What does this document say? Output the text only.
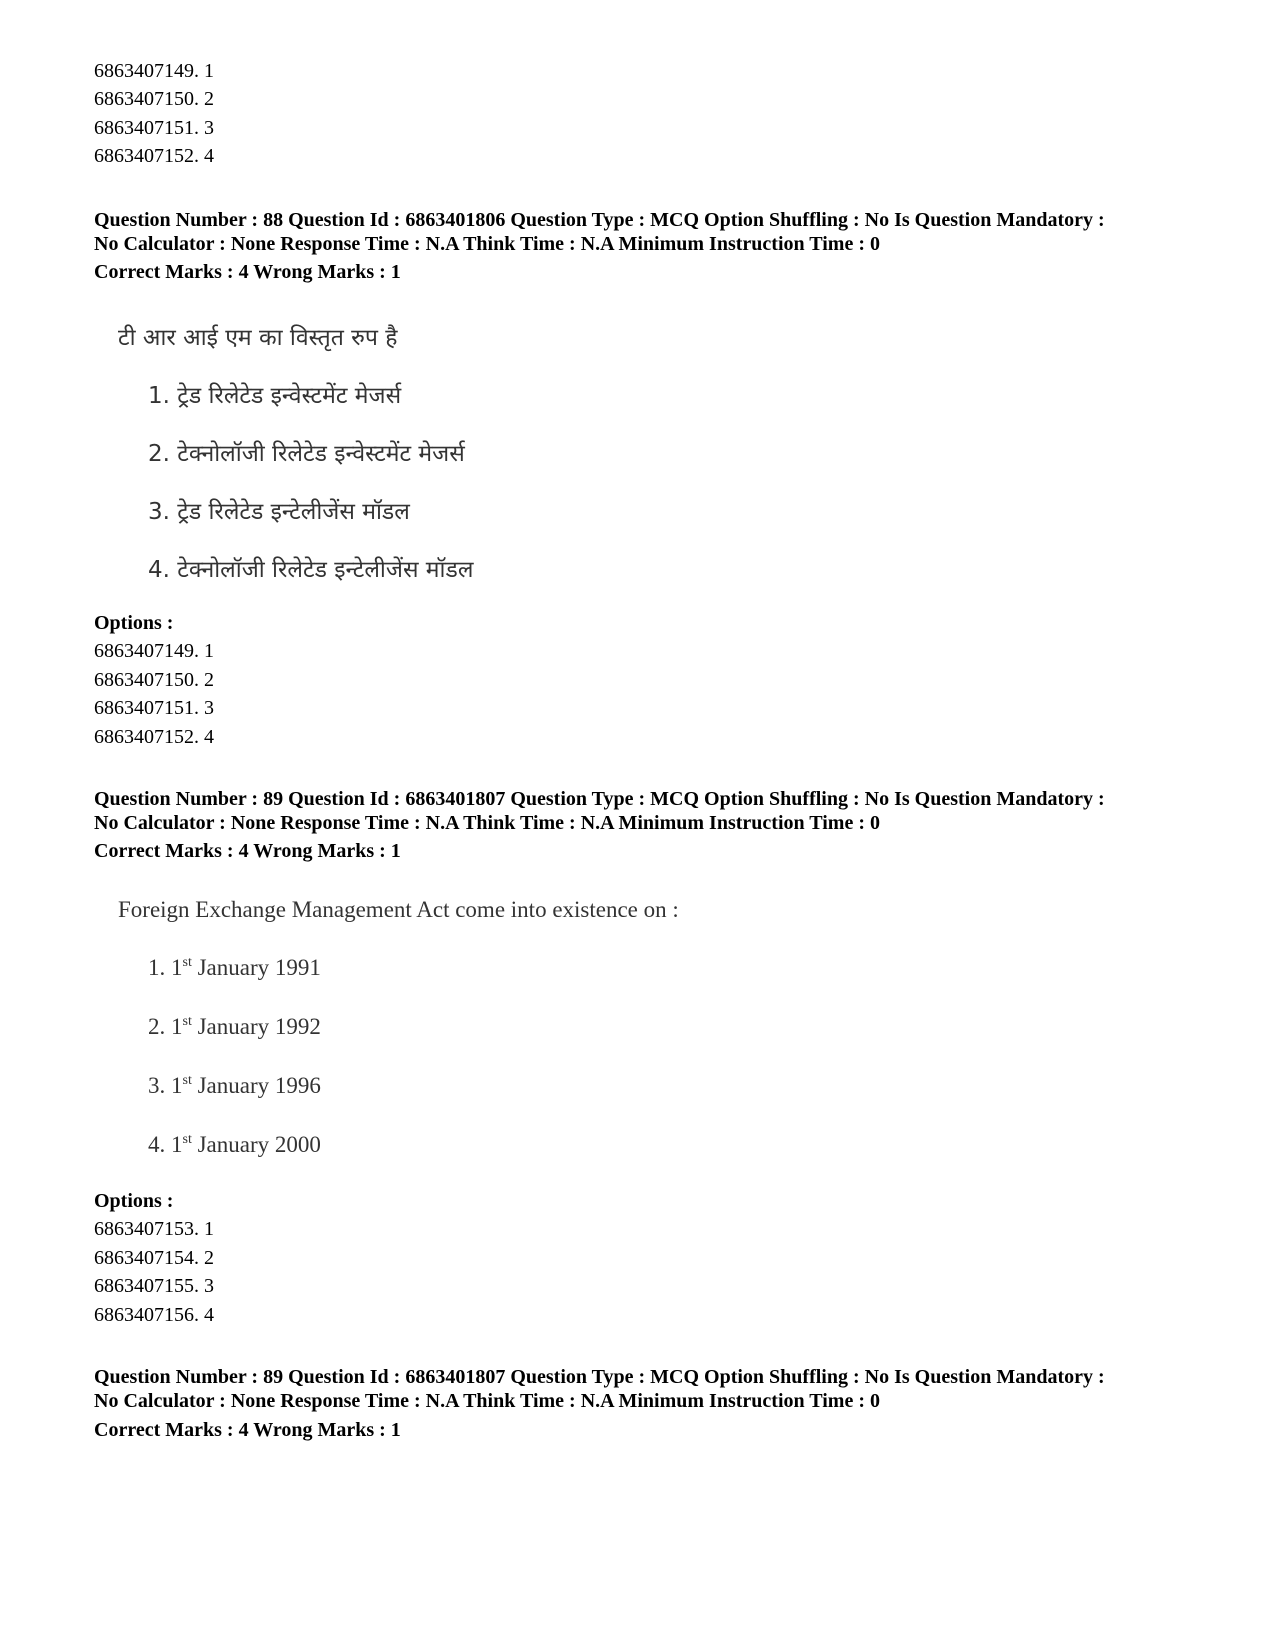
6863407149. 1
6863407150. 2
6863407151. 3
6863407152. 4
Question Number : 88 Question Id : 6863401806 Question Type : MCQ Option Shuffling : No Is Question Mandatory :
No Calculator : None Response Time : N.A Think Time : N.A Minimum Instruction Time : 0
Correct Marks : 4 Wrong Marks : 1
टी आर आई एम का विस्तृत रुप है
1. ट्रेड रिलेटेड इन्वेस्टमेंट मेजर्स
2. टेक्नोलॉजी रिलेटेड इन्वेस्टमेंट मेजर्स
3. ट्रेड रिलेटेड इन्टेलीजेंस मॉडल
4. टेक्नोलॉजी रिलेटेड इन्टेलीजेंस मॉडल
Options :
6863407149. 1
6863407150. 2
6863407151. 3
6863407152. 4
Question Number : 89 Question Id : 6863401807 Question Type : MCQ Option Shuffling : No Is Question Mandatory :
No Calculator : None Response Time : N.A Think Time : N.A Minimum Instruction Time : 0
Correct Marks : 4 Wrong Marks : 1
Foreign Exchange Management Act come into existence on :
1. 1st January 1991
2. 1st January 1992
3. 1st January 1996
4. 1st January 2000
Options :
6863407153. 1
6863407154. 2
6863407155. 3
6863407156. 4
Question Number : 89 Question Id : 6863401807 Question Type : MCQ Option Shuffling : No Is Question Mandatory :
No Calculator : None Response Time : N.A Think Time : N.A Minimum Instruction Time : 0
Correct Marks : 4 Wrong Marks : 1
